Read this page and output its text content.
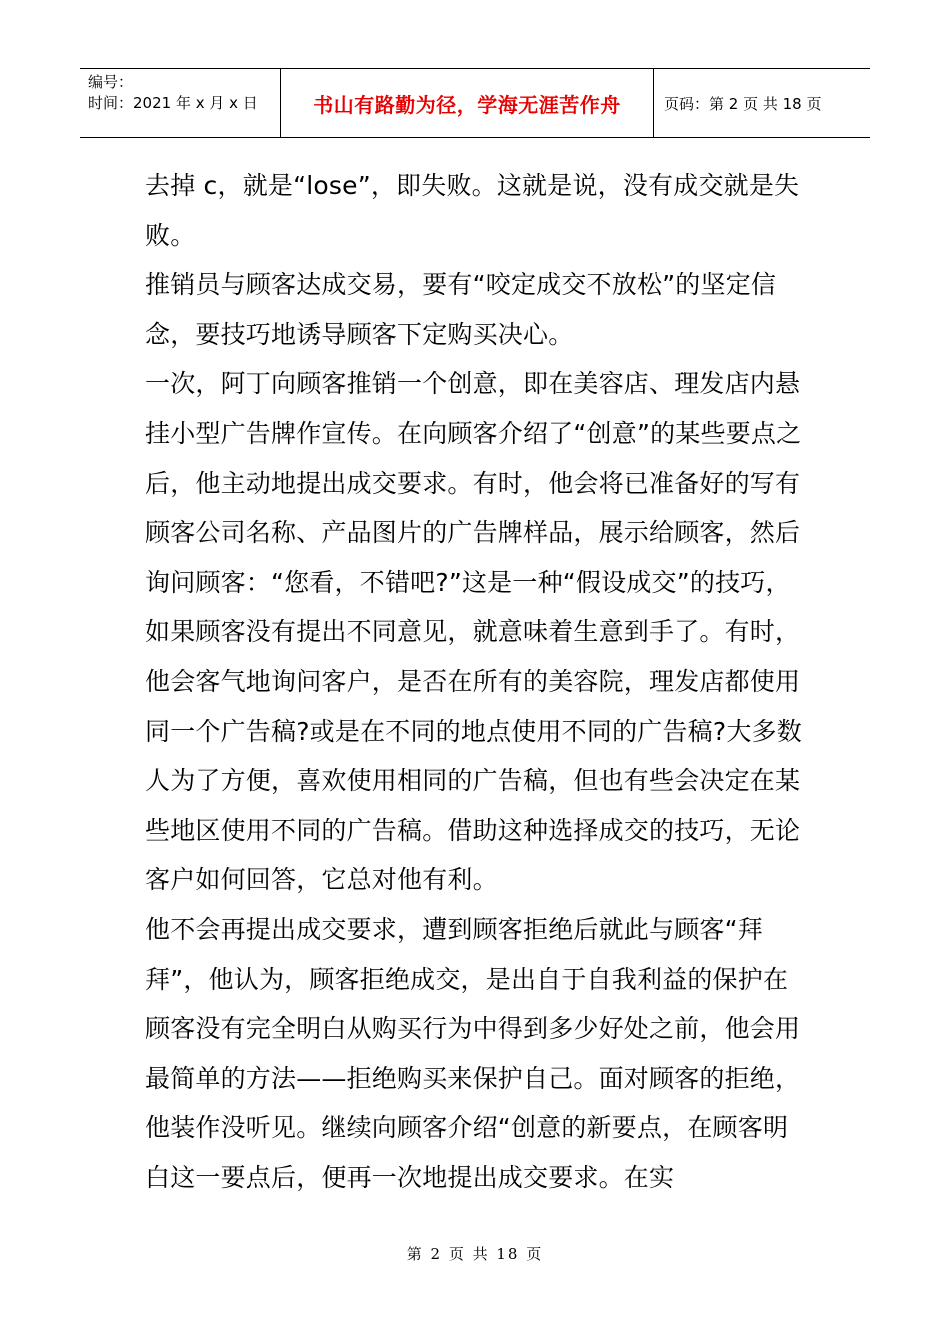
编号：
时间：2021 年 x 月 x 日	书山有路勤为径，学海无涯苦作舟	页码：第 2 页 共 18 页

去掉 c，就是“lose”，即失败。这就是说，没有成交就是失败。

推销员与顾客达成交易，要有“咬定成交不放松”的坚定信念，要技巧地诱导顾客下定购买决心。

一次，阿丁向顾客推销一个创意，即在美容店、理发店内悬挂小型广告牌作宣传。在向顾客介绍了“创意”的某些要点之后，他主动地提出成交要求。有时，他会将已准备好的写有顾客公司名称、产品图片的广告牌样品，展示给顾客，然后询问顾客：“您看，不错吧?”这是一种“假设成交”的技巧，如果顾客没有提出不同意见，就意味着生意到手了。有时，他会客气地询问客户，是否在所有的美容院，理发店都使用同一个广告稿?或是在不同的地点使用不同的广告稿?大多数人为了方便，喜欢使用相同的广告稿，但也有些会决定在某些地区使用不同的广告稿。借助这种选择成交的技巧，无论客户如何回答，它总对他有利。

他不会再提出成交要求，遭到顾客拒绝后就此与顾客“拜拜”，他认为，顾客拒绝成交，是出自于自我利益的保护在顾客没有完全明白从购买行为中得到多少好处之前，他会用最简单的方法——拒绝购买来保护自己。面对顾客的拒绝，他装作没听见。继续向顾客介绍“创意的新要点，在顾客明白这一要点后，便再一次地提出成交要求。在实

第 2 页 共 18 页
